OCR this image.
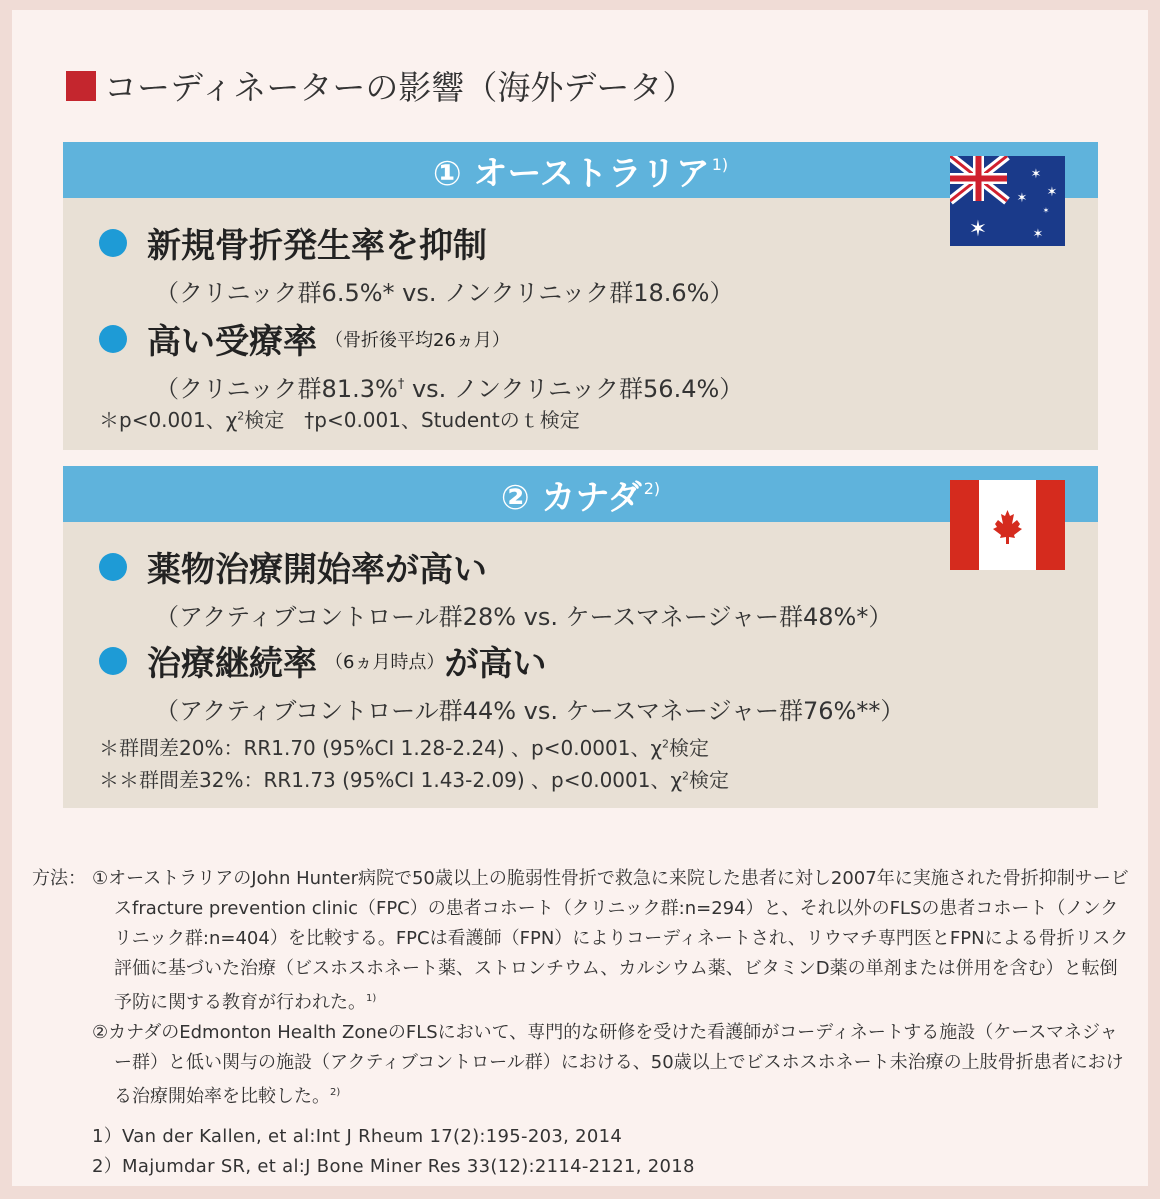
コーディネーターの影響（海外データ）
① オーストラリア$^{1)}$
✶
✶
✶ ✶
✶
✶
新規骨折発生率を抑制
（クリニック群6.5%* vs. ノンクリニック群18.6%）
高い受療率 （骨折後平均26ヵ月）
（クリニック群81.3%† vs. ノンクリニック群56.4%）
＊p<0.001、$\chi^2$検定　†p<0.001、Studentのｔ検定
② カナダ$^{2)}$
薬物治療開始率が高い
（アクティブコントロール群28% vs. ケースマネージャー群48%*）
治療継続率 （6ヵ月時点） が高い
（アクティブコントロール群44% vs. ケースマネージャー群76%**）
＊群間差20%：RR1.70 (95%CI 1.28-2.24) 、p<0.0001、$\chi^2$検定
＊＊群間差32%：RR1.73 (95%CI 1.43-2.09) 、p<0.0001、$\chi^2$検定
方法： ①オーストラリアのJohn Hunter病院で50歳以上の脆弱性骨折で救急に来院した患者に対し2007年に実施された骨折抑制サービスfracture prevention clinic（FPC）の患者コホート（クリニック群:n=294）と、それ以外のFLSの患者コホート（ノンクリニック群:n=404）を比較する。FPCは看護師（FPN）によりコーディネートされ、リウマチ専門医とFPNによる骨折リスク評価に基づいた治療（ビスホスホネート薬、ストロンチウム、カルシウム薬、ビタミンD薬の単剤または併用を含む）と転倒予防に関する教育が行われた。$^{1)}$
②カナダのEdmonton Health ZoneのFLSにおいて、専門的な研修を受けた看護師がコーディネートする施設（ケースマネジャー群）と低い関与の施設（アクティブコントロール群）における、50歳以上でビスホスホネート未治療の上肢骨折患者における治療開始率を比較した。$^{2)}$
1）Van der Kallen, et al:Int J Rheum 17(2):195-203, 2014
2）Majumdar SR, et al:J Bone Miner Res 33(12):2114-2121, 2018
